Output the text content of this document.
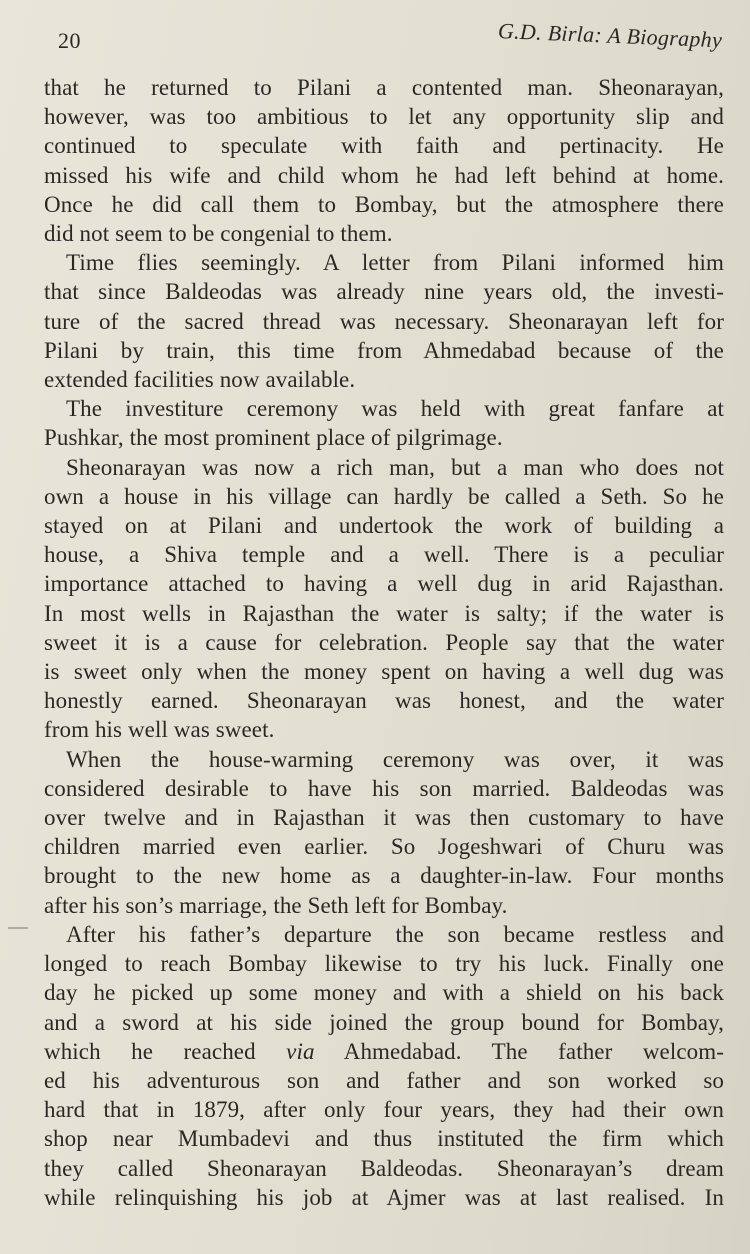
20	G.D. Birla: A Biography
that he returned to Pilani a contented man. Sheonarayan,
however, was too ambitious to let any opportunity slip and
continued to speculate with faith and pertinacity. He
missed his wife and child whom he had left behind at home.
Once he did call them to Bombay, but the atmosphere there
did not seem to be congenial to them.
Time flies seemingly. A letter from Pilani informed him
that since Baldeodas was already nine years old, the investi-
ture of the sacred thread was necessary. Sheonarayan left for
Pilani by train, this time from Ahmedabad because of the
extended facilities now available.
The investiture ceremony was held with great fanfare at
Pushkar, the most prominent place of pilgrimage.
Sheonarayan was now a rich man, but a man who does not
own a house in his village can hardly be called a Seth. So he
stayed on at Pilani and undertook the work of building a
house, a Shiva temple and a well. There is a peculiar
importance attached to having a well dug in arid Rajasthan.
In most wells in Rajasthan the water is salty; if the water is
sweet it is a cause for celebration. People say that the water
is sweet only when the money spent on having a well dug was
honestly earned. Sheonarayan was honest, and the water
from his well was sweet.
When the house-warming ceremony was over, it was
considered desirable to have his son married. Baldeodas was
over twelve and in Rajasthan it was then customary to have
children married even earlier. So Jogeshwari of Churu was
brought to the new home as a daughter-in-law. Four months
after his son’s marriage, the Seth left for Bombay.
After his father’s departure the son became restless and
longed to reach Bombay likewise to try his luck. Finally one
day he picked up some money and with a shield on his back
and a sword at his side joined the group bound for Bombay,
which he reached via Ahmedabad. The father welcom-
ed his adventurous son and father and son worked so
hard that in 1879, after only four years, they had their own
shop near Mumbadevi and thus instituted the firm which
they called Sheonarayan Baldeodas. Sheonarayan’s dream
while relinquishing his job at Ajmer was at last realised. In
